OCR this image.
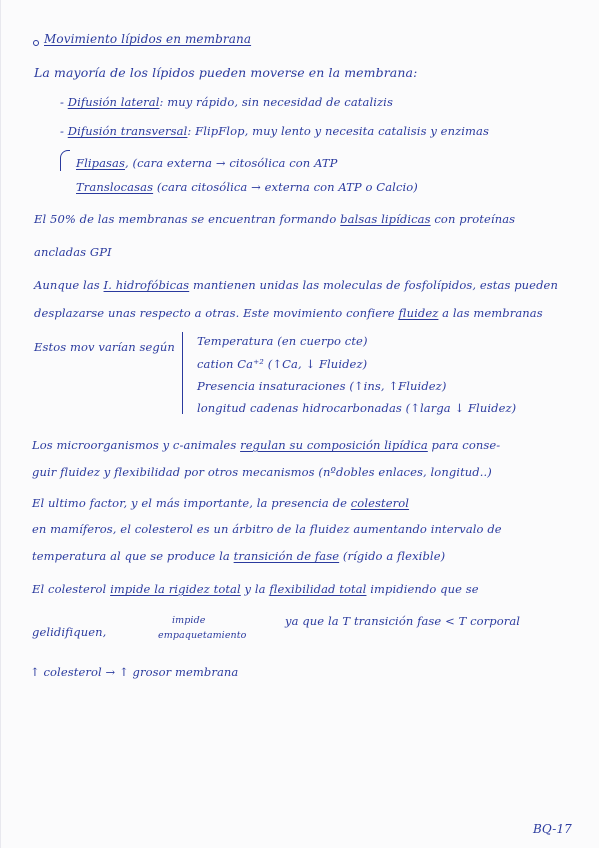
Movimiento lípidos en membrana
La mayoría de los lípidos pueden moverse en la membrana:
- Difusión lateral: muy rápido, sin necesidad de catalizis
- Difusión transversal: FlipFlop, muy lento y necesita catalisis y enzimas
Flipasas, (cara externa → citosólica con ATP
Translocasas (cara citosólica → externa con ATP o Calcio)
El 50% de las membranas se encuentran formando balsas lipídicas con proteínas
ancladas GPI
Aunque las I. hidrofóbicas mantienen unidas las moleculas de fosfolípidos, estas pueden
desplazarse unas respecto a otras. Este movimiento confiere fluidez a las membranas
Estos mov varían según Temperatura (en cuerpo cte)
cation Ca⁺² (↑Ca, ↓ Fluidez)
Presencia insaturaciones (↑ins, ↑Fluidez)
longitud cadenas hidrocarbonadas (↑larga ↓ Fluidez)
Los microorganismos y c-animales regulan su composición lipídica para conse-
guir fluidez y flexibilidad por otros mecanismos (nºdobles enlaces, longitud..)
El ultimo factor, y el más importante, la presencia de colesterol
en mamíferos, el colesterol es un árbitro de la fluidez aumentando intervalo de
temperatura al que se produce la transición de fase (rígido a flexible)
El colesterol impide la rigidez total y la flexibilidad total impidiendo que se
gelidifiquen,
impide
empaquetamiento
ya que la T transición fase < T corporal
↑ colesterol → ↑ grosor membrana
BQ-17
